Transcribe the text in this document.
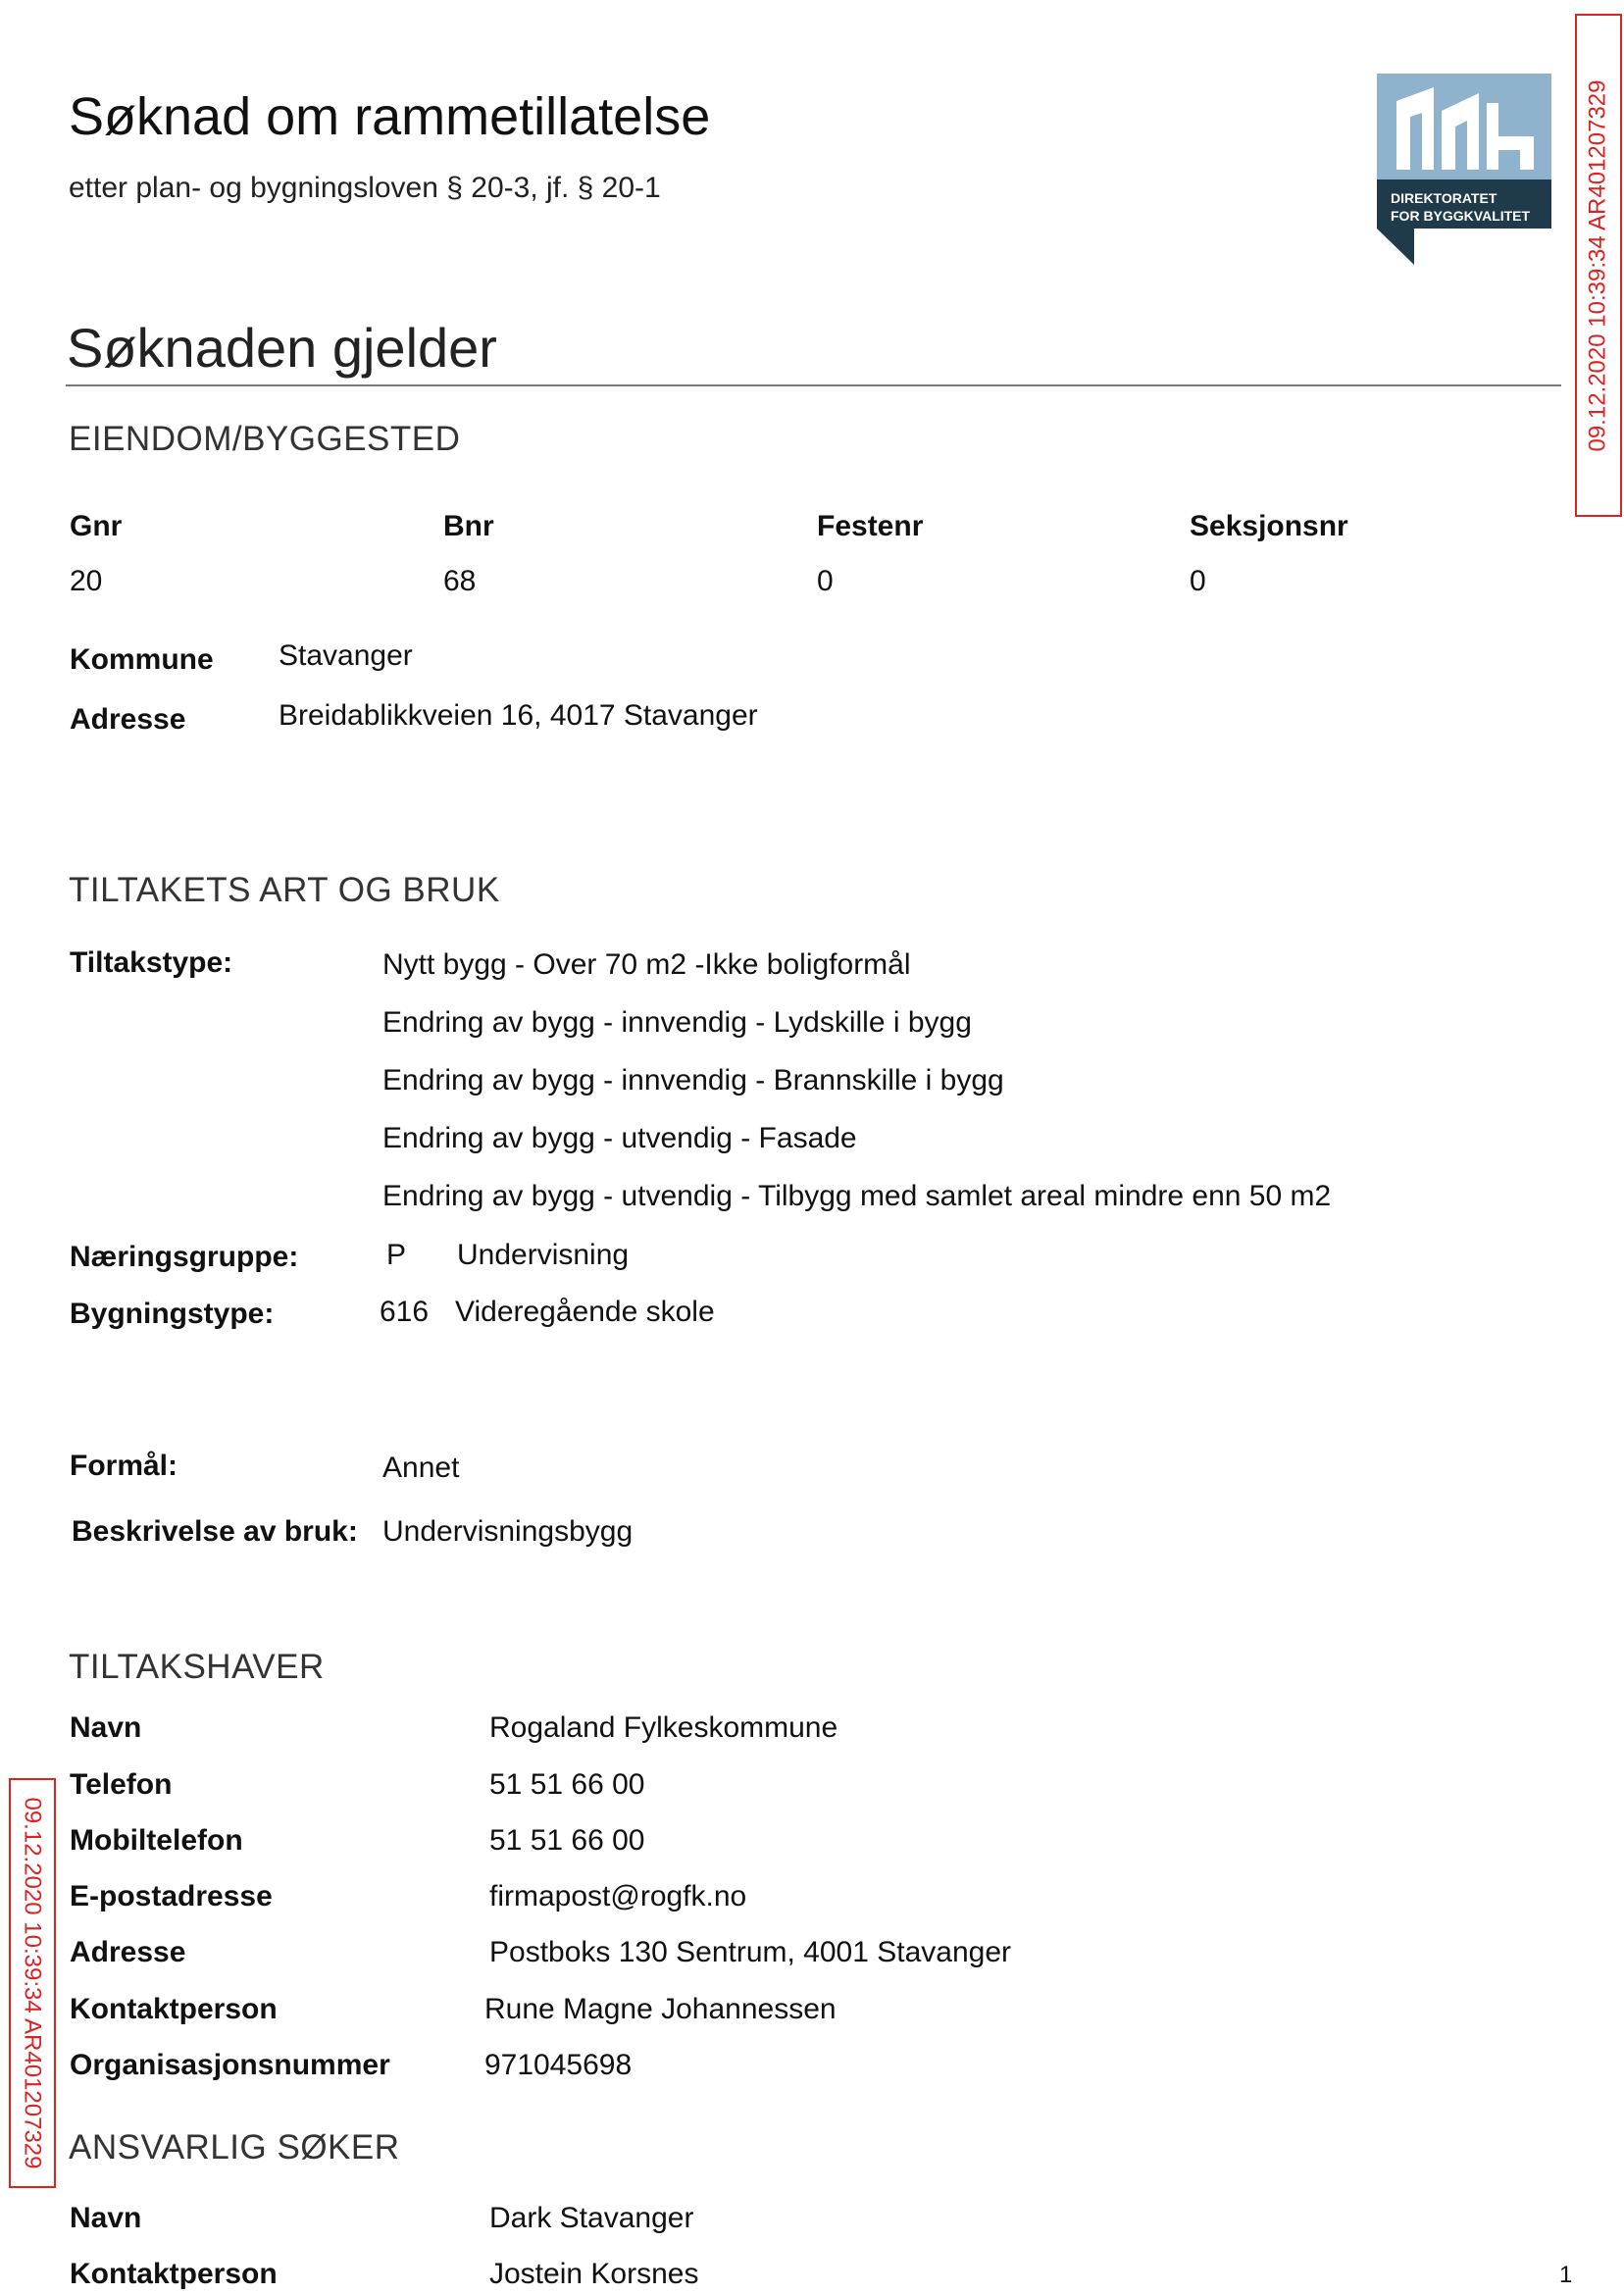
Søknad om rammetillatelse
etter plan- og bygningsloven § 20-3, jf. § 20-1	DIREKTORATET
FOR BYGGKVALITET 09.12.2020 10:39:34 AR401207329
09.12.2020 10:39:34 AR401207329
Søknaden gjelder
EIENDOM/BYGGESTED
Gnr	Bnr	Festenr	Seksjonsnr
20	68	0	0
Kommune Stavanger
Adresse	Breidablikkveien 16, 4017 Stavanger
TILTAKETS ART OG BRUK
Tiltakstype:	Nytt bygg - Over 70 m2 -Ikke boligformål
Endring av bygg - innvendig - Lydskille i bygg
Endring av bygg - innvendig - Brannskille i bygg
Endring av bygg - utvendig - Fasade
Endring av bygg - utvendig - Tilbygg med samlet areal mindre enn 50 m2
Næringsgruppe:	P Undervisning
Bygningstype:	616 Videregående skole
Formål:	Annet
Beskrivelse av bruk: Undervisningsbygg
TILTAKSHAVER
Navn	Rogaland Fylkeskommune
Telefon	51 51 66 00
Mobiltelefon	51 51 66 00
E-postadresse	firmapost@rogfk.no
Adresse	Postboks 130 Sentrum, 4001 Stavanger
Kontaktperson	Rune Magne Johannessen
Organisasjonsnummer	971045698
ANSVARLIG SØKER
Navn	Dark Stavanger
Kontaktperson	Jostein Korsnes	1
